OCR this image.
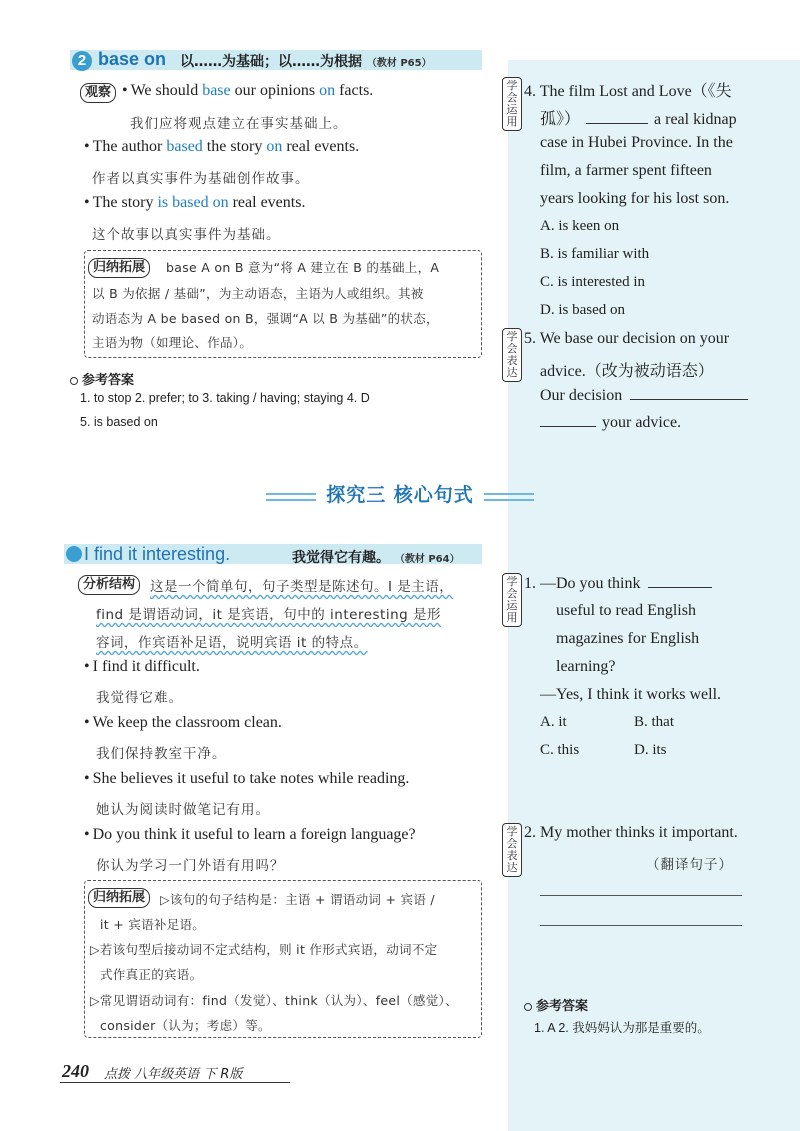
2 base on 以……为基础；以……为根据 （教材 P65）
观察
•	We should base our opinions on facts.
我们应将观点建立在事实基础上。
• The author based the story on real events.
作者以真实事件为基础创作故事。
• The story is based on real events.
这个故事以真实事件为基础。
归纳拓展	base A on B 意为“将 A 建立在 B 的基础上，A
以 B 为依据 / 基础”，为主动语态，主语为人或组织。其被
动语态为 A be based on B，强调“A 以 B 为基础”的状态，
主语为物（如理论、作品）。
参考答案
1. to stop 2. prefer; to 3. taking / having; staying 4. D
5. is based on
学会运用
4. The film Lost and Love（《失
孤》）	a real kidnap
case in Hubei Province. In the
film, a farmer spent fifteen
years looking for his lost son.
A. is keen on
B. is familiar with
C. is interested in
D. is based on
学会表达
5. We base our decision on your
advice.（改为被动语态）
Our decision
your advice.
探究三 核心句式
I find it interesting.	我觉得它有趣。 （教材 P64）
分析结构	这是一个简单句，句子类型是陈述句。I 是主语，
find 是谓语动词，it 是宾语，句中的 interesting 是形
容词，作宾语补足语，说明宾语 it 的特点。
• I find it difficult.
我觉得它难。
• We keep the classroom clean.
我们保持教室干净。
• She believes it useful to take notes while reading.
她认为阅读时做笔记有用。
• Do you think it useful to learn a foreign language?
你认为学习一门外语有用吗？
归纳拓展	▷该句的句子结构是：主语 + 谓语动词 + 宾语 /
it + 宾语补足语。
▷若该句型后接动词不定式结构，则 it 作形式宾语，动词不定
式作真正的宾语。
▷常见谓语动词有：find（发觉）、think（认为）、feel（感觉）、
consider（认为；考虑）等。
学会运用
1. —Do you think
useful to read English
magazines for English
learning?
—Yes, I think it works well.
A. it	B. that
C. this	D. its
学会表达
2. My mother thinks it important.
（翻译句子）
参考答案
1. A 2. 我妈妈认为那是重要的。
240 点拨 八年级英语 下 R版
